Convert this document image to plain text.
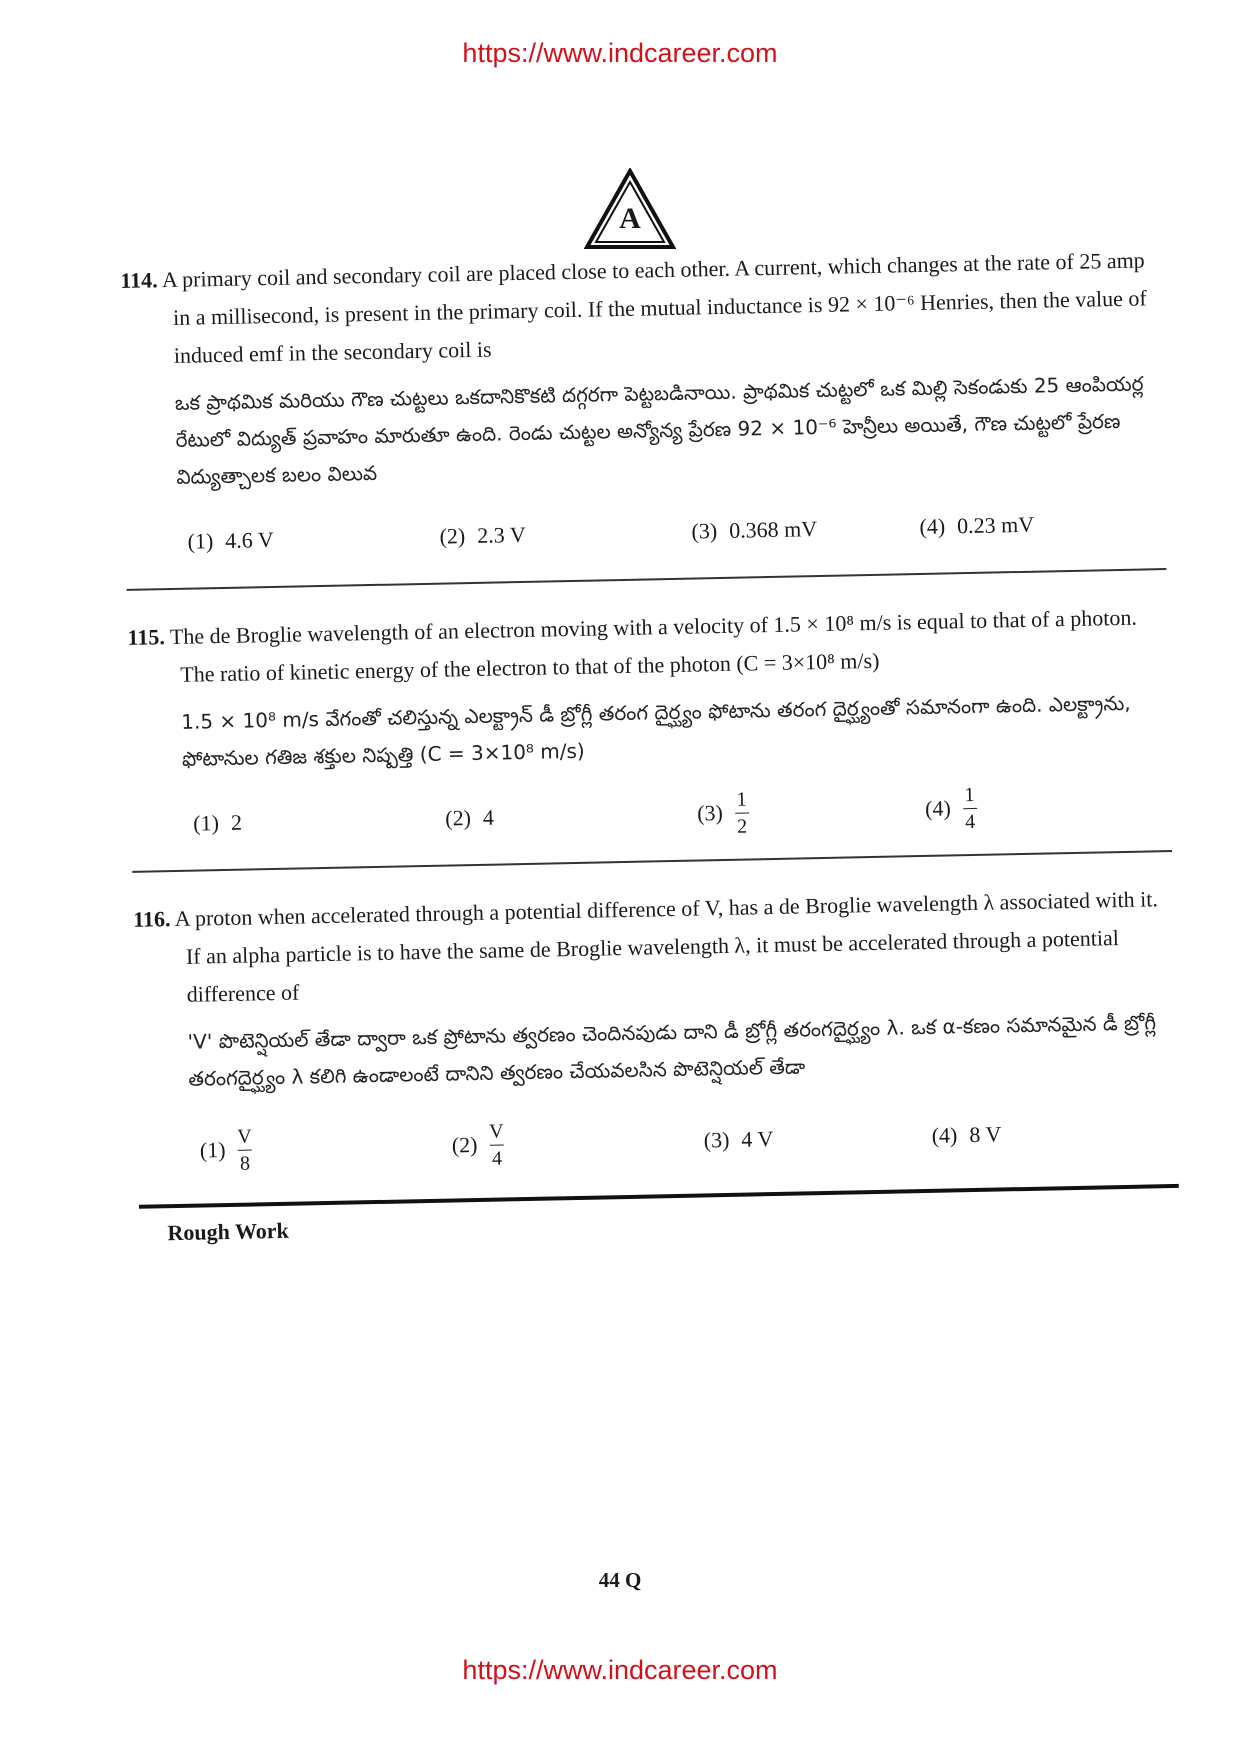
https://www.indcareer.com
A
114. A primary coil and secondary coil are placed close to each other. A current, which changes at the rate of 25 amp in a millisecond, is present in the primary coil. If the mutual inductance is 92 × 10⁻⁶ Henries, then the value of induced emf in the secondary coil is
ఒక ప్రాథమిక మరియు గౌణ చుట్టలు ఒకదానికొకటి దగ్గరగా పెట్టబడినాయి. ప్రాథమిక చుట్టలో ఒక మిల్లి సెకండుకు 25 ఆంపియర్ల రేటులో విద్యుత్ ప్రవాహం మారుతూ ఉంది. రెండు చుట్టల అన్యోన్య ప్రేరణ 92 × 10⁻⁶ హెన్రీలు అయితే, గౌణ చుట్టలో ప్రేరణ విద్యుత్చాలక బలం విలువ
(1) 4.6 V	(2) 2.3 V	(3) 0.368 mV	(4) 0.23 mV
115. The de Broglie wavelength of an electron moving with a velocity of 1.5 × 10⁸ m/s is equal to that of a photon. The ratio of kinetic energy of the electron to that of the photon (C = 3×10⁸ m/s)
1.5 × 10⁸ m/s వేగంతో చలిస్తున్న ఎలక్ట్రాన్ డీ బ్రోగ్లీ తరంగ దైర్ఘ్యం ఫోటాను తరంగ దైర్ఘ్యంతో సమానంగా ఉంది. ఎలక్ట్రాను, ఫోటానుల గతిజ శక్తుల నిష్పత్తి (C = 3×10⁸ m/s)
(1) 2	(2) 4	$(3) \frac{1}{2}$	$(4) \frac{1}{4}$
116. A proton when accelerated through a potential difference of V, has a de Broglie wavelength λ associated with it. If an alpha particle is to have the same de Broglie wavelength λ, it must be accelerated through a potential difference of
'V' పొటెన్షియల్ తేడా ద్వారా ఒక ప్రోటాను త్వరణం చెందినపుడు దాని డీ బ్రోగ్లీ తరంగదైర్ఘ్యం λ. ఒక α-కణం సమానమైన డీ బ్రోగ్లీ తరంగదైర్ఘ్యం λ కలిగి ఉండాలంటే దానిని త్వరణం చేయవలసిన పొటెన్షియల్ తేడా
$(1) \frac{V}{8}$	$(2) \frac{V}{4}$	(3) 4 V	(4) 8 V
Rough Work
44 Q
https://www.indcareer.com
